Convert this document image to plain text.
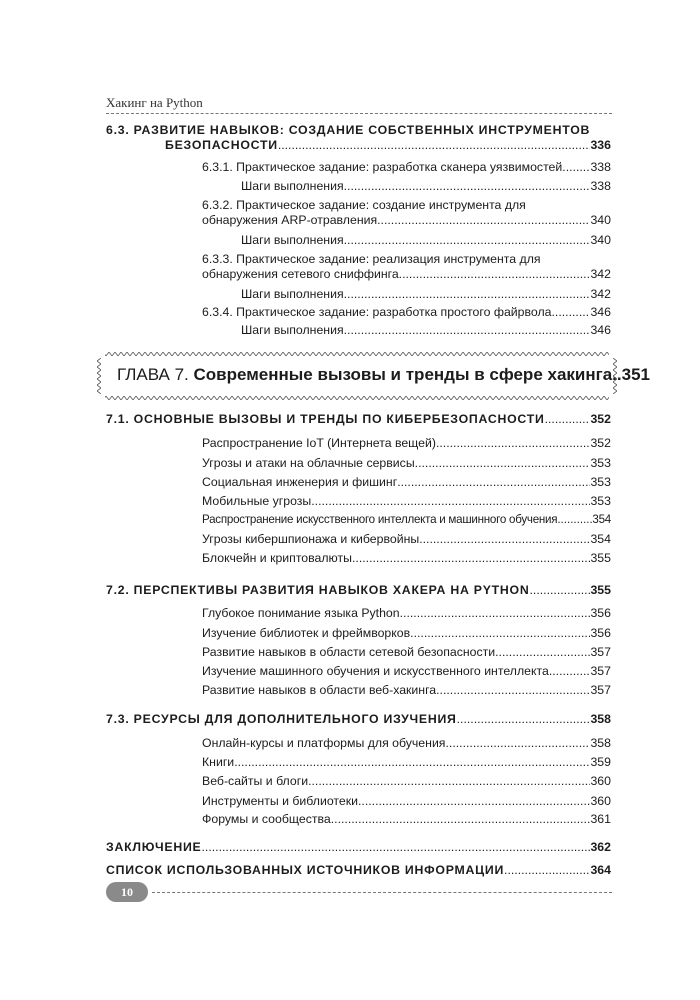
Хакинг на Python
6.3. РАЗВИТИЕ НАВЫКОВ: СОЗДАНИЕ СОБСТВЕННЫХ ИНСТРУМЕНТОВ
БЕЗОПАСНОСТИ .....	336
6.3.1. Практическое задание: разработка сканера уязвимостей ..... 338
Шаги выполнения .....	338
6.3.2. Практическое задание: создание инструмента для
обнаружения ARP-отравления .....	340
Шаги выполнения .....	340
6.3.3. Практическое задание: реализация инструмента для
обнаружения сетевого сниффинга .....	342
Шаги выполнения .....	342
6.3.4. Практическое задание: разработка простого файрвола .....	346
Шаги выполнения .....	346
ГЛАВА 7. Современные вызовы и тренды в сфере хакинга..351
7.1. ОСНОВНЫЕ ВЫЗОВЫ И ТРЕНДЫ ПО КИБЕРБЕЗОПАСНОСТИ .....	352
Распространение IoT (Интернета вещей) .....	352
Угрозы и атаки на облачные сервисы .....	353
Социальная инженерия и фишинг .....	353
Мобильные угрозы .....	353
Распространение искусственного интеллекта и машинного обучения .....	354
Угрозы кибершпионажа и кибервойны .....	354
Блокчейн и криптовалюты .....	355
7.2. ПЕРСПЕКТИВЫ РАЗВИТИЯ НАВЫКОВ ХАКЕРА НА PYTHON .....	355
Глубокое понимание языка Python .....	356
Изучение библиотек и фреймворков .....	356
Развитие навыков в области сетевой безопасности .....	357
Изучение машинного обучения и искусственного интеллекта .....	357
Развитие навыков в области веб-хакинга .....	357
7.3. РЕСУРСЫ ДЛЯ ДОПОЛНИТЕЛЬНОГО ИЗУЧЕНИЯ .....	358
Онлайн-курсы и платформы для обучения .....	358
Книги .....	359
Веб-сайты и блоги .....	360
Инструменты и библиотеки .....	360
Форумы и сообщества .....	361
ЗАКЛЮЧЕНИЕ .....	362
СПИСОК ИСПОЛЬЗОВАННЫХ ИСТОЧНИКОВ ИНФОРМАЦИИ .....	364
10
